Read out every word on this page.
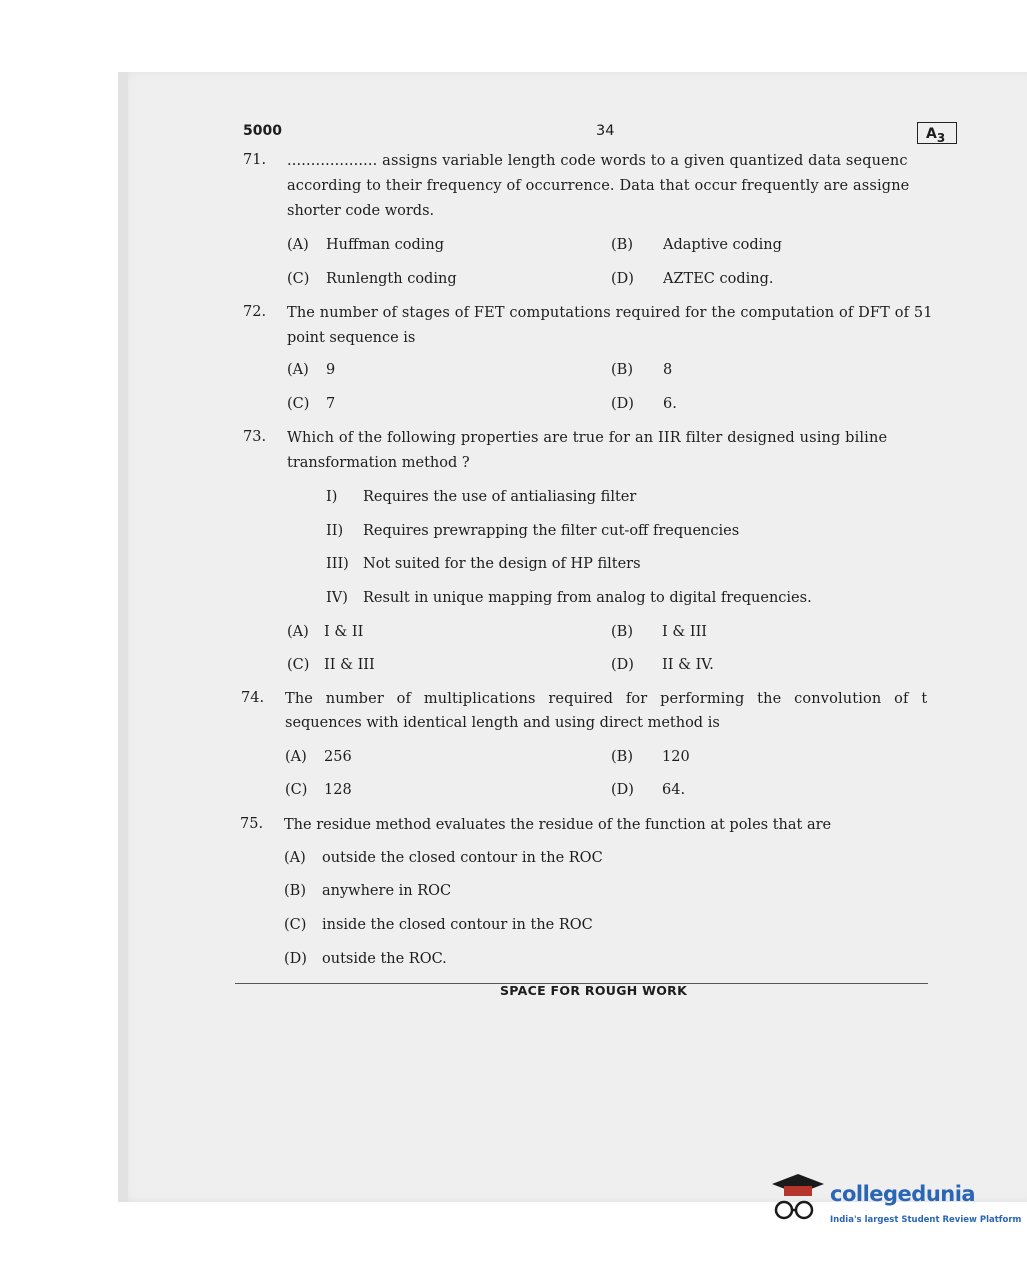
5000	34	$A_3$
71. ................... assigns variable length code words to a given quantized data sequenc
according to their frequency of occurrence. Data that occur frequently are assigne
shorter code words.
(A) Huffman coding	(B) Adaptive coding
(C) Runlength coding	(D) AZTEC coding.
72. The number of stages of FET computations required for the computation of DFT of 51
point sequence is
(A) 9	(B) 8
(C) 7	(D) 6.
73. Which of the following properties are true for an IIR filter designed using biline
transformation method ?
I) Requires the use of antialiasing filter
II) Requires prewrapping the filter cut-off frequencies
III) Not suited for the design of HP filters
IV) Result in unique mapping from analog to digital frequencies.
(A) I & II	(B) I & III
(C) II & III	(D) II & IV.
74. The number of multiplications required for performing the convolution of t
sequences with identical length and using direct method is
(A) 256	(B) 120
(C) 128	(D) 64.
75. The residue method evaluates the residue of the function at poles that are
(A) outside the closed contour in the ROC
(B) anywhere in ROC
(C) inside the closed contour in the ROC
(D) outside the ROC.
SPACE FOR ROUGH WORK
collegedunia
India's largest Student Review Platform
